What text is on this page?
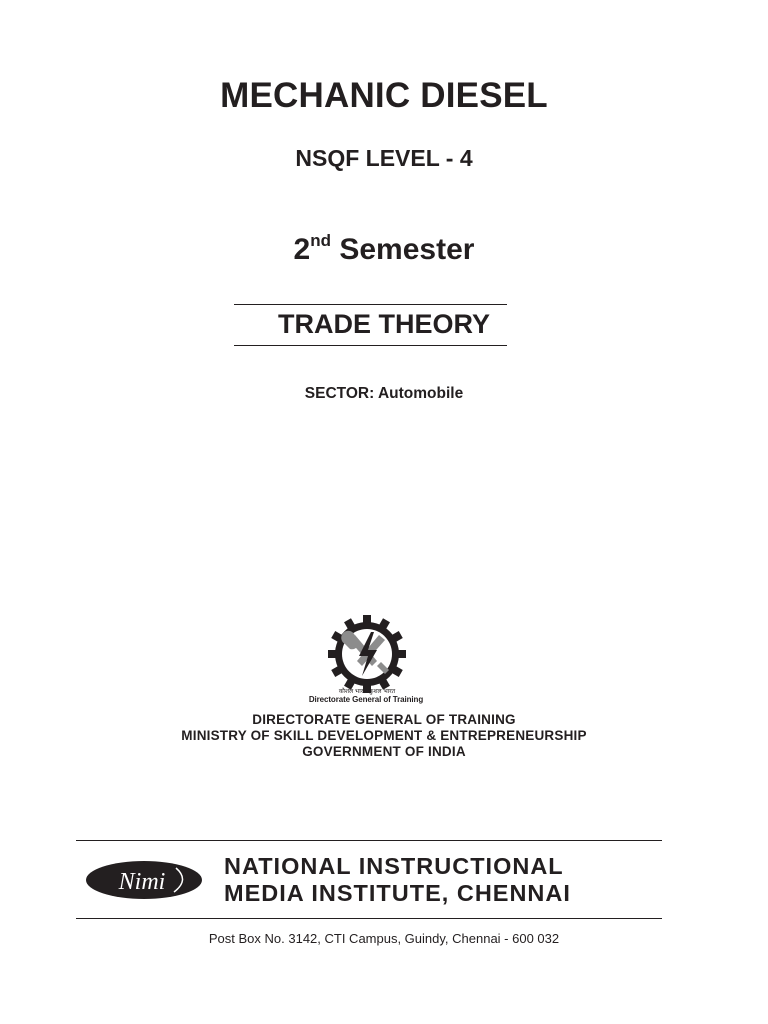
MECHANIC DIESEL
NSQF LEVEL - 4
2nd Semester
TRADE THEORY
SECTOR: Automobile
कौशल भारत-कुशल भारत
Directorate General of Training
DIRECTORATE GENERAL OF TRAINING
MINISTRY OF SKILL DEVELOPMENT & ENTREPRENEURSHIP
GOVERNMENT OF INDIA
Nimi
NATIONAL INSTRUCTIONAL
MEDIA INSTITUTE, CHENNAI
Post Box No. 3142, CTI Campus, Guindy, Chennai - 600 032
